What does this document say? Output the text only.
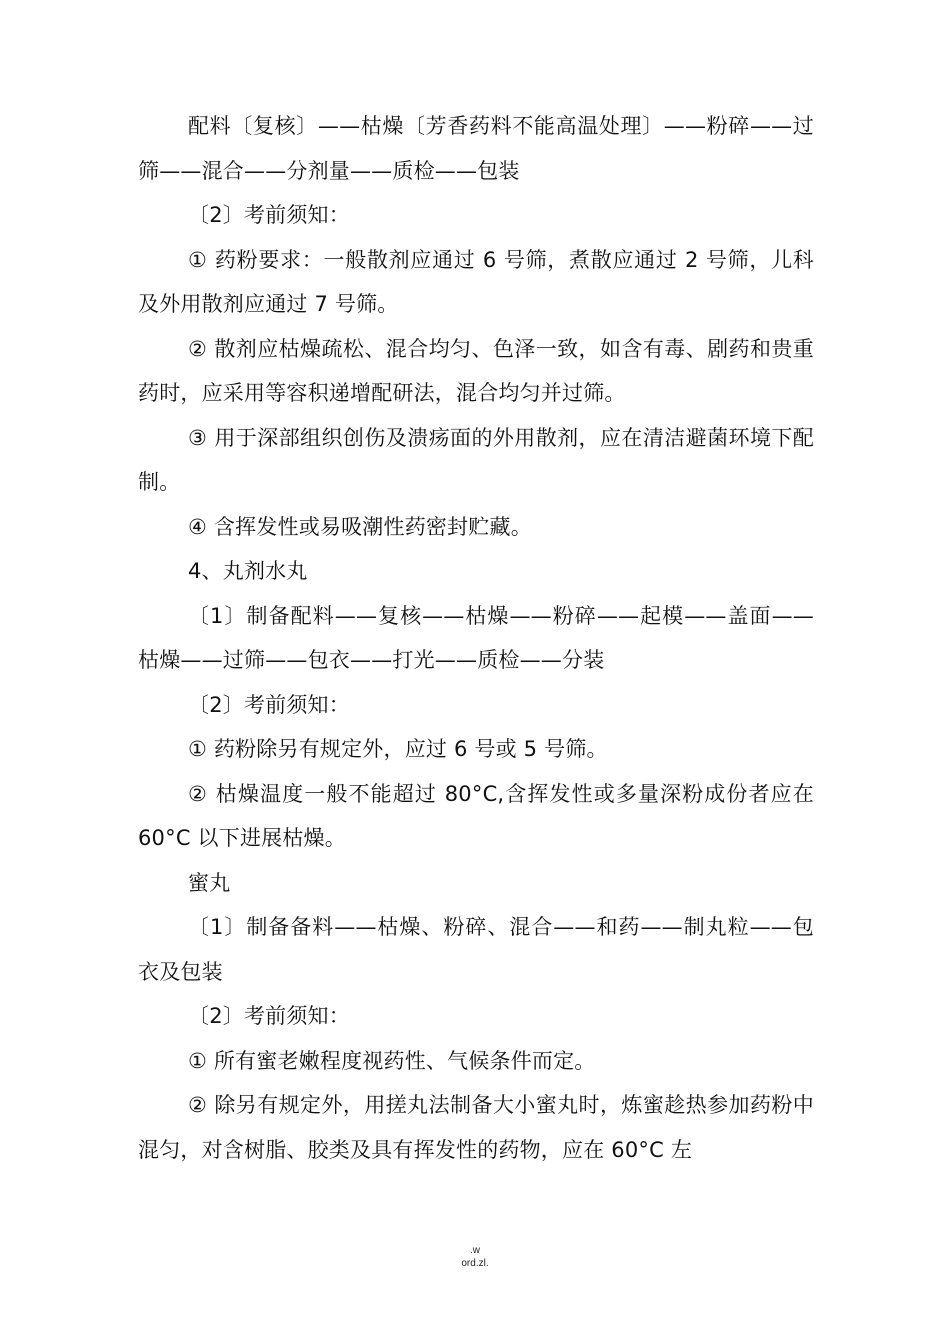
配料〔复核〕——枯燥〔芳香药料不能高温处理〕——粉碎——过筛——混合——分剂量——质检——包装

〔2〕考前须知：

① 药粉要求：一般散剂应通过 6 号筛，煮散应通过 2 号筛，儿科及外用散剂应通过 7 号筛。

② 散剂应枯燥疏松、混合均匀、色泽一致，如含有毒、剧药和贵重药时，应采用等容积递增配研法，混合均匀并过筛。

③ 用于深部组织创伤及溃疡面的外用散剂，应在清洁避菌环境下配制。

④ 含挥发性或易吸潮性药密封贮藏。

4、丸剂水丸

〔1〕制备配料——复核——枯燥——粉碎——起模——盖面——枯燥——过筛——包衣——打光——质检——分装

〔2〕考前须知：

① 药粉除另有规定外，应过 6 号或 5 号筛。

② 枯燥温度一般不能超过 80°C,含挥发性或多量深粉成份者应在 60°C 以下进展枯燥。

蜜丸

〔1〕制备备料——枯燥、粉碎、混合——和药——制丸粒——包衣及包装

〔2〕考前须知：

① 所有蜜老嫩程度视药性、气候条件而定。

② 除另有规定外，用搓丸法制备大小蜜丸时，炼蜜趁热参加药粉中混匀，对含树脂、胶类及具有挥发性的药物，应在 60°C 左

.w
ord.zl.
